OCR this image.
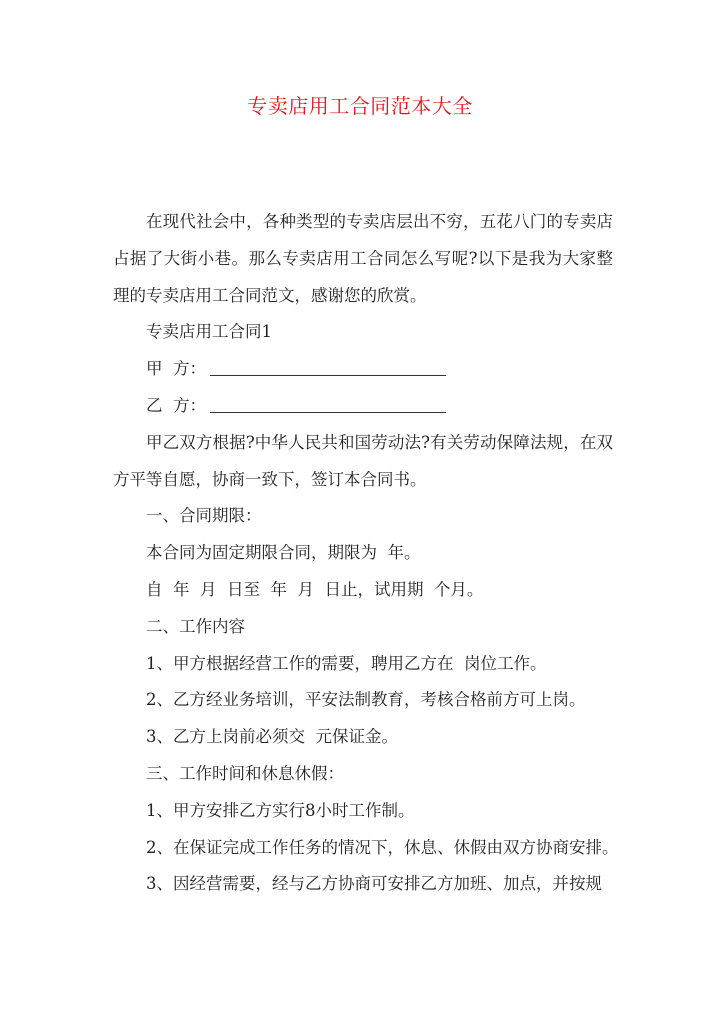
专卖店用工合同范本大全

在现代社会中，各种类型的专卖店层出不穷，五花八门的专卖店占据了大街小巷。那么专卖店用工合同怎么写呢?以下是我为大家整理的专卖店用工合同范文，感谢您的欣赏。

专卖店用工合同1

甲  方：

乙  方：

甲乙双方根据?中华人民共和国劳动法?有关劳动保障法规，在双方平等自愿，协商一致下，签订本合同书。

一、合同期限：

本合同为固定期限合同，期限为  年。

自  年  月  日至  年  月  日止，试用期  个月。

二、工作内容

1、甲方根据经营工作的需要，聘用乙方在  岗位工作。

2、乙方经业务培训，平安法制教育，考核合格前方可上岗。

3、乙方上岗前必须交  元保证金。

三、工作时间和休息休假：

1、甲方安排乙方实行8小时工作制。

2、在保证完成工作任务的情况下，休息、休假由双方协商安排。

3、因经营需要，经与乙方协商可安排乙方加班、加点，并按规
